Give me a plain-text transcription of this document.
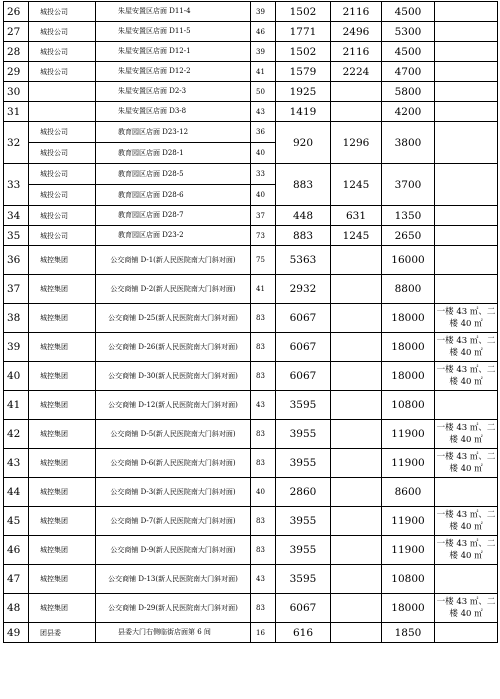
26	城投公司	朱屋安置区店面 D11-4	39	1502	2116	4500	
27	城投公司	朱屋安置区店面 D11-5	46	1771	2496	5300	
28	城投公司	朱屋安置区店面 D12-1	39	1502	2116	4500	
29	城投公司	朱屋安置区店面 D12-2	41	1579	2224	4700	
30		朱屋安置区店面 D2-3	50	1925		5800	
31		朱屋安置区店面 D3-8	43	1419		4200	
32	城投公司	教育园区店面 D23-12	36	920	1296	3800	
	城投公司	教育园区店面 D28-1	40				
33	城投公司	教育园区店面 D28-5	33	883	1245	3700	
	城投公司	教育园区店面 D28-6	40				
34	城投公司	教育园区店面 D28-7	37	448	631	1350	
35	城投公司	教育园区店面 D23-2	73	883	1245	2650	
36	城控集团	公交商铺 D-1(新人民医院南大门斜对面)	75	5363		16000	
37	城控集团	公交商铺 D-2(新人民医院南大门斜对面)	41	2932		8800	
38	城控集团	公交商铺 D-25(新人民医院南大门斜对面)	83	6067		18000	一楼 43 ㎡、二楼 40 ㎡
39	城控集团	公交商铺 D-26(新人民医院南大门斜对面)	83	6067		18000	一楼 43 ㎡、二楼 40 ㎡
40	城控集团	公交商铺 D-30(新人民医院南大门斜对面)	83	6067		18000	一楼 43 ㎡、二楼 40 ㎡
41	城控集团	公交商铺 D-12(新人民医院南大门斜对面)	43	3595		10800	
42	城控集团	公交商铺 D-5(新人民医院南大门斜对面)	83	3955		11900	一楼 43 ㎡、二楼 40 ㎡
43	城控集团	公交商铺 D-6(新人民医院南大门斜对面)	83	3955		11900	一楼 43 ㎡、二楼 40 ㎡
44	城控集团	公交商铺 D-3(新人民医院南大门斜对面)	40	2860		8600	
45	城控集团	公交商铺 D-7(新人民医院南大门斜对面)	83	3955		11900	一楼 43 ㎡、二楼 40 ㎡
46	城控集团	公交商铺 D-9(新人民医院南大门斜对面)	83	3955		11900	一楼 43 ㎡、二楼 40 ㎡
47	城控集团	公交商铺 D-13(新人民医院南大门斜对面)	43	3595		10800	
48	城控集团	公交商铺 D-29(新人民医院南大门斜对面)	83	6067		18000	一楼 43 ㎡、二楼 40 ㎡
49	团县委	县委大门右侧临街店面第 6 间	16	616		1850	
